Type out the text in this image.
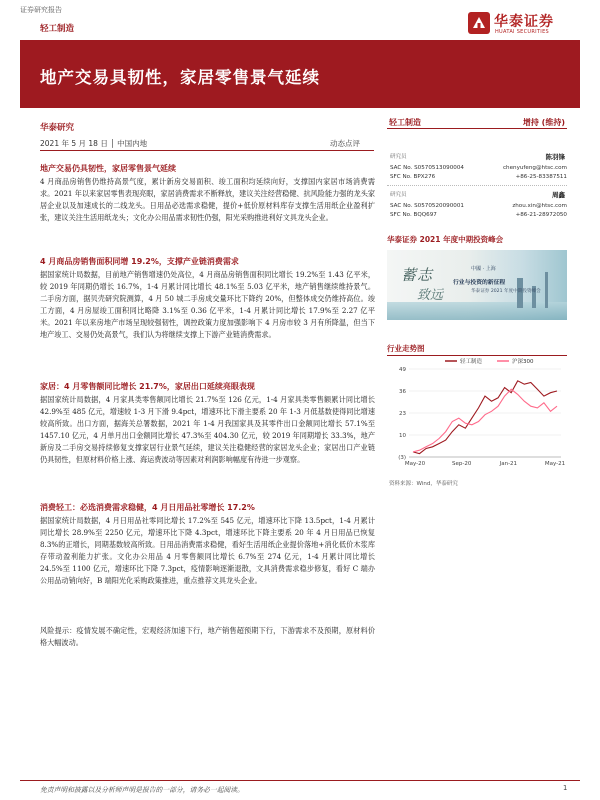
证券研究报告
轻工制造	华泰证券
HUATAI SECURITIES
地产交易具韧性，家居零售景气延续
华泰研究
2021 年 5 月 18 日 │ 中国内地	动态点评
地产交易仍具韧性，家居零售景气延续
4 月商品房销售仍维持高景气度，累计新房交易面积、竣工面积均延续向好，支撑国内家居市场消费需求。2021 年以来家居零售表现亮眼，家居消费需求不断释放，建议关注经营稳健、抗风险能力强的龙头家居企业以及加速成长的二线龙头。日用品必选需求稳健，提价+低价原材料库存支撑生活用纸企业盈利扩张，建议关注生活用纸龙头；文化办公用品需求韧性仍强，阳光采购推进利好文具龙头企业。
4 月商品房销售面积同增 19.2%，支撑产业链消费需求
据国家统计局数据，目前地产销售增速仍处高位，4 月商品房销售面积同比增长 19.2%至 1.43 亿平米，较 2019 年同期仍增长 16.7%，1-4 月累计同比增长 48.1%至 5.03 亿平米，地产销售继续维持景气。二手房方面，据贝壳研究院测算，4 月 50 城二手房成交量环比下降约 20%，但整体成交仍维持高位。竣工方面，4 月房屋竣工面积同比略降 3.1%至 0.36 亿平米，1-4 月累计同比增长 17.9%至 2.27 亿平米。2021 年以来房地产市场呈现较强韧性，调控政策力度加强影响下 4 月房市较 3 月有所降温，但当下地产竣工、交易仍处高景气，我们认为将继续支撑上下游产业链消费需求。
家居：4 月零售额同比增长 21.7%，家居出口延续亮眼表现
据国家统计局数据，4 月家具类零售额同比增长 21.7%至 126 亿元，1-4 月家具类零售额累计同比增长 42.9%至 485 亿元，增速较 1-3 月下滑 9.4pct，增速环比下滑主要系 20 年 1-3 月低基数使得同比增速较高所致。出口方面，据海关总署数据，2021 年 1-4 月我国家具及其零件出口金额同比增长 57.1%至 1457.10 亿元，4 月单月出口金额同比增长 47.3%至 404.30 亿元，较 2019 年同期增长 33.3%，地产新房及二手房交易持续修复支撑家居行业景气延续，建议关注稳健经营的家居龙头企业；家居出口产业链仍具韧性，但原材料价格上涨、海运费波动等因素对利润影响幅度有待进一步观察。
消费轻工：必选消费需求稳健，4 月日用品社零增长 17.2%
据国家统计局数据，4 月日用品社零同比增长 17.2%至 545 亿元，增速环比下降 13.5pct，1-4 月累计同比增长 28.9%至 2250 亿元，增速环比下降 4.3pct，增速环比下降主要系 20 年 4 月日用品已恢复 8.3%的正增长，同期基数较高所致。日用品消费需求稳健，看好生活用纸企业提价落地+消化低价木浆库存带动盈利能力扩张。文化办公用品 4 月零售额同比增长 6.7%至 274 亿元，1-4 月累计同比增长 24.5%至 1100 亿元，增速环比下降 7.3pct，疫情影响逐渐退散，文具消费需求稳步修复，看好 C 端办公用品动销向好，B 端阳光化采购政策推进，重点推荐文具龙头企业。
风险提示：疫情发展不确定性，宏观经济加速下行，地产销售超预期下行，下游需求不及预期，原材料价格大幅波动。
轻工制造	增持 (维持)
研究员	陈羽锋
SAC No. S0570513090004	chenyufeng@htsc.com
SFC No. BPX276	+86-25-83387511
研究员	周鑫
SAC No. S0570520090001	zhou.xin@htsc.com
SFC No. BQQ697	+86-21-28972050
华泰证券 2021 年度中期投资峰会
蓄志
致远
中國 · 上海
行业与投资的新征程
华泰证券 2021 年度中期投资峰会
行业走势图
49
36
23
10
(3)
May-20	Sep-20	Jan-21	May-21
轻工制造	沪深300
资料来源：Wind，华泰研究
免责声明和披露以及分析师声明是报告的一部分，请务必一起阅读。	1
